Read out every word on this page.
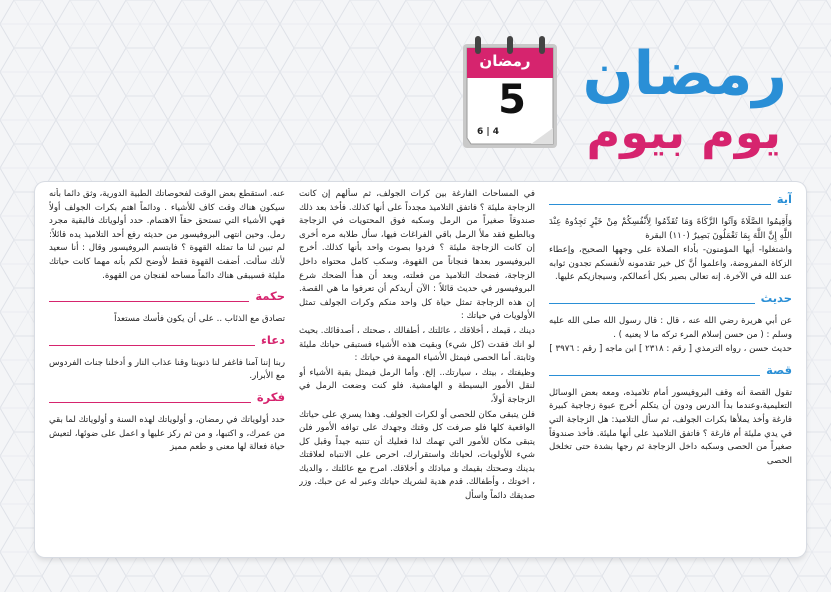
رمضان
5
6 | 4
رمضان
يوم بيوم
آية

وَأَقِيمُوا الصَّلَاةَ وَآتُوا الزَّكَاةَ وَمَا تُقَدِّمُوا لِأَنْفُسِكُمْ مِنْ خَيْرٍ تَجِدُوهُ عِنْدَ اللَّهِ إِنَّ اللَّهَ بِمَا تَعْمَلُونَ بَصِيرٌ (١١٠) البقرة

واشتغلوا- أيها المؤمنون- بأداء الصلاة على وجهها الصحيح، وإعطاء الزكاة المفروضة، واعلموا أنَّ كل خير تقدمونه لأنفسكم تجدون ثوابه عند الله في الآخرة. إنه تعالى بصير بكل أعمالكم، وسيجازيكم عليها.

حديث

عن أبي هريرة رضي الله عنه ، قال : قال رسول الله صلى الله عليه وسلم : ( من حسن إسلام المرء تركه ما لا يعنيه ) .

حديث حسن ، رواه الترمذي [ رقم : ٢٣١٨ ] ابن ماجه [ رقم : ٣٩٧٦ ]

قصة

تقول القصة أنه وقف البروفيسور أمام تلاميذه، ومعه بعض الوسائل التعليمية،وعندما بدأ الدرس ودون أن يتكلم أخرج عبوة زجاجية كبيرة فارغة وأخذ يملأها بكرات الجولف، ثم سأل التلاميذ: هل الزجاجة التي في يدي مليئة أم فارغة ؟ فاتفق التلاميذ على أنها مليئة. فأخذ صندوقاً صغيراً من الحصى وسكبه داخل الزجاجة ثم رجها بشدة حتى تخلخل الحصى

في المساحات الفارغة بين كرات الجولف، ثم سألهم إن كانت الزجاجة مليئة ؟ فاتفق التلاميذ مجدداً على أنها كذلك. فأخذ بعد ذلك صندوقاً صغيراً من الرمل وسكبه فوق المحتويات في الزجاجة وبالطبع فقد ملأ الرمل باقي الفراغات فيها، سأل طلابه مره أخرى إن كانت الزجاجة مليئة ؟ فردوا بصوت واحد بأنها كذلك. أخرج البروفيسور بعدها فنجاناً من القهوة، وسكب كامل محتواه داخل الزجاجة، فضحك التلاميذ من فعلته، وبعد أن هدأ الضحك شرع البروفيسور في حديث قائلاً : الآن أريدكم أن تعرفوا ما هي القصة. إن هذه الزجاجة تمثل حياة كل واحد منكم وكرات الجولف تمثل الأولويات في حياتك :

دينك ، قيمك ، أخلاقك ، عائلتك ، أطفالك ، صحتك ، أصدقائك. بحيث لو انك فقدت (كل شيء) وبقيت هذه الأشياء فستبقى حياتك مليئة وثابتة. أما الحصى فيمثل الأشياء المهمة في حياتك :

وظيفتك ، بيتك ، سيارتك.. إلخ. وأما الرمل فيمثل بقية الأشياء أو لنقل الأمور البسيطة و الهامشية. فلو كنت وضعت الرمل في الزجاجة أولاً،

فلن يتبقى مكان للحصى أو لكرات الجولف. وهذا يسري على حياتك الواقعية كلها فلو صرفت كل وقتك وجهدك على توافه الأمور فلن يتبقى مكان للأمور التي تهمك لذا فعليك أن تنتبه جيداً وقبل كل شيء للأولويات، لحياتك واستقرارك، احرص على الانتباه لعلاقتك بدينك وصحتك بقيمك و مبادئك و أخلاقك. امرح مع عائلتك ، والديك ، اخوتك ، وأطفالك. قدم هدية لشريك حياتك وعبر له عن حبك. وزر صديقك دائماً واسأل

عنه. استقطع بعض الوقت لفحوصاتك الطبية الدورية، وثق دائما بأنه سيكون هناك وقت كاف للأشياء . ودائماً اهتم بكرات الجولف أولاً فهي الأشياء التي تستحق حقاً الاهتمام. حدد أولوياتك فالبقية مجرد رمل. وحين انتهى البروفيسور من حديثه رفع أحد التلاميذ يده قائلاً: لم تبين لنا ما تمثله القهوة ؟ فابتسم البروفيسور وقال : أنا سعيد لأنك سألت. أضفت القهوة فقط لأوضح لكم بأنه مهما كانت حياتك مليئة فسيبقى هناك دائماً مساحه لفنجان من القهوة.

حكمة

تصادق مع الذئاب .. على أن يكون فأسك مستعداً

دعاء

ربنا إننا آمنا فاغفر لنا ذنوبنا وقنا عذاب النار و أدخلنا جنات الفردوس مع الأبرار.

فكرة

حدد أولوياتك في رمضان، و أولوياتك لهذه السنة و أولوياتك لما بقي من عمرك، و اكتبها، و من ثم ركز عليها و اعمل على ضوئها، لتعيش حياة فعالة لها معنى و طعم مميز
